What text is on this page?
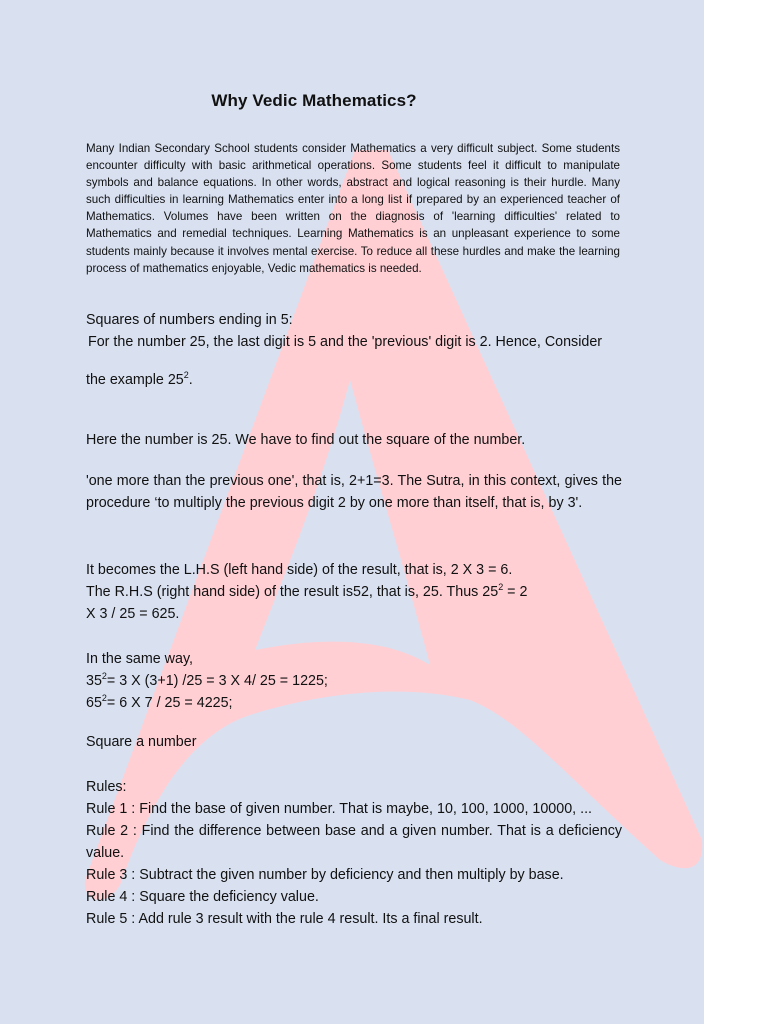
Why Vedic Mathematics?

Many Indian Secondary School students consider Mathematics a very difficult subject. Some students encounter difficulty with basic arithmetical operations. Some students feel it difficult to manipulate symbols and balance equations. In other words, abstract and logical reasoning is their hurdle. Many such difficulties in learning Mathematics enter into a long list if prepared by an experienced teacher of Mathematics. Volumes have been written on the diagnosis of 'learning difficulties' related to Mathematics and remedial techniques. Learning Mathematics is an unpleasant experience to some students mainly because it involves mental exercise. To reduce all these hurdles and make the learning process of mathematics enjoyable, Vedic mathematics is needed.

Squares of numbers ending in 5:

For the number 25, the last digit is 5 and the 'previous' digit is 2. Hence, Consider

the example $25^2$.

Here the number is 25. We have to find out the square of the number.

'one more than the previous one', that is, 2+1=3. The Sutra, in this context, gives the procedure ‘to multiply the previous digit 2 by one more than itself, that is, by 3'.

It becomes the L.H.S (left hand side) of the result, that is, 2 X 3 = 6.

The R.H.S (right hand side) of the result is52, that is, 25. Thus $25^2 = 2$

X 3 / 25 = 625.

In the same way,

$35^2= 3$ X (3+1) /25 = 3 X 4/ 25 = 1225;

$65^2= 6$ X 7 / 25 = 4225;

Square a number

Rules:

Rule 1 : Find the base of given number. That is maybe, 10, 100, 1000, 10000, ...

Rule 2 : Find the difference between base and a given number. That is a deficiency value.

Rule 3 : Subtract the given number by deficiency and then multiply by base.

Rule 4 : Square the deficiency value.

Rule 5 : Add rule 3 result with the rule 4 result. Its a final result.
